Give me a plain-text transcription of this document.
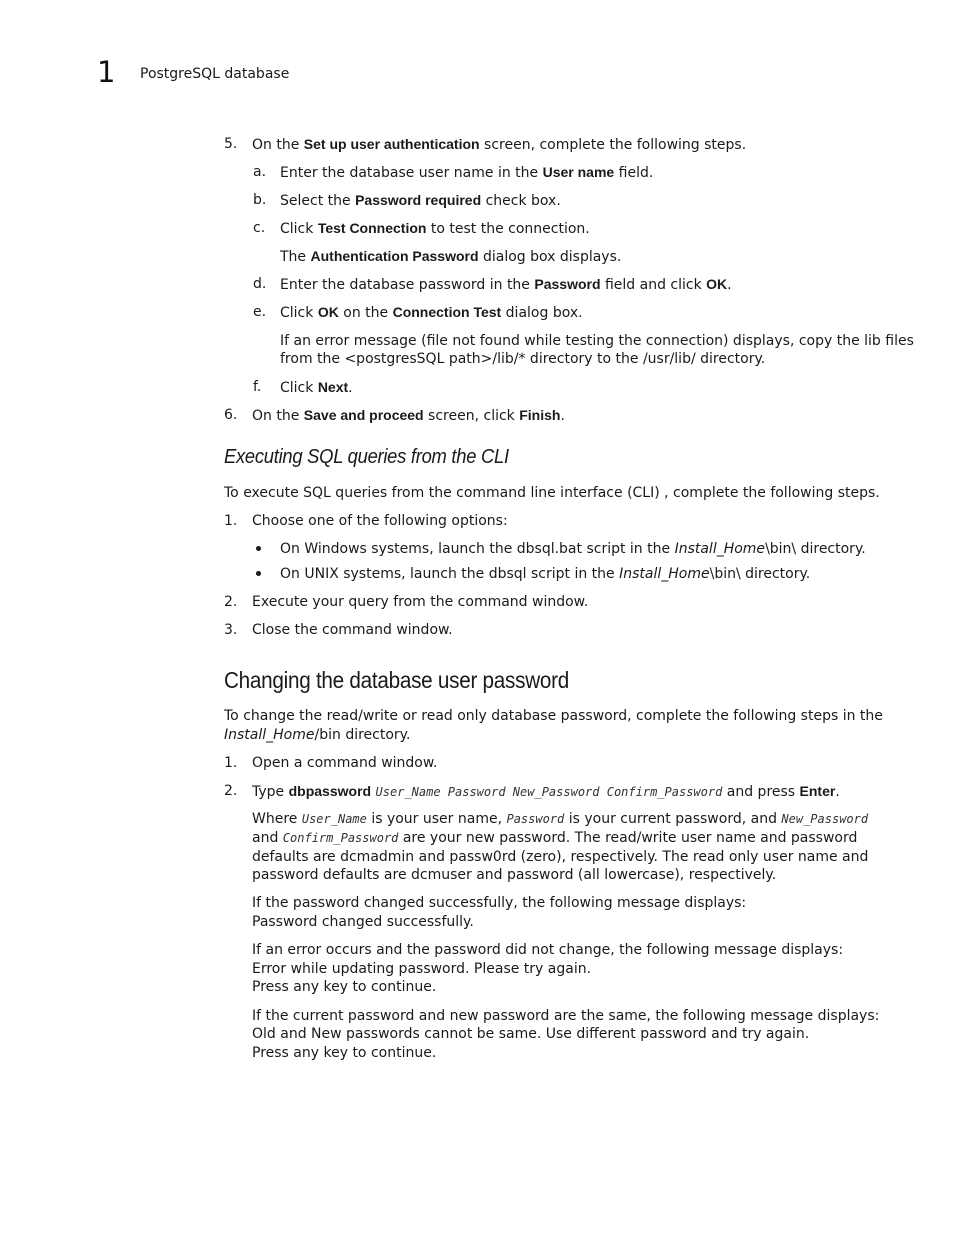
1 PostgreSQL database
5. On the Set up user authentication screen, complete the following steps.
a. Enter the database user name in the User name field.
b. Select the Password required check box.
c. Click Test Connection to test the connection.
The Authentication Password dialog box displays.
d. Enter the database password in the Password field and click OK.
e. Click OK on the Connection Test dialog box.
If an error message (file not found while testing the connection) displays, copy the lib files
from the <postgresSQL path>/lib/* directory to the /usr/lib/ directory.
f. Click Next.
6. On the Save and proceed screen, click Finish.
Executing SQL queries from the CLI
To execute SQL queries from the command line interface (CLI) , complete the following steps.
1. Choose one of the following options:
On Windows systems, launch the dbsql.bat script in the Install_Home\bin\ directory.
On UNIX systems, launch the dbsql script in the Install_Home\bin\ directory.
2. Execute your query from the command window.
3. Close the command window.
Changing the database user password
To change the read/write or read only database password, complete the following steps in the
Install_Home/bin directory.
1. Open a command window.
2. Type dbpassword User_Name Password New_Password Confirm_Password and press Enter.
Where User_Name is your user name, Password is your current password, and New_Password
and Confirm_Password are your new password. The read/write user name and password
defaults are dcmadmin and passw0rd (zero), respectively. The read only user name and
password defaults are dcmuser and password (all lowercase), respectively.
If the password changed successfully, the following message displays:
Password changed successfully.
If an error occurs and the password did not change, the following message displays:
Error while updating password. Please try again.
Press any key to continue.
If the current password and new password are the same, the following message displays:
Old and New passwords cannot be same. Use different password and try again.
Press any key to continue.
